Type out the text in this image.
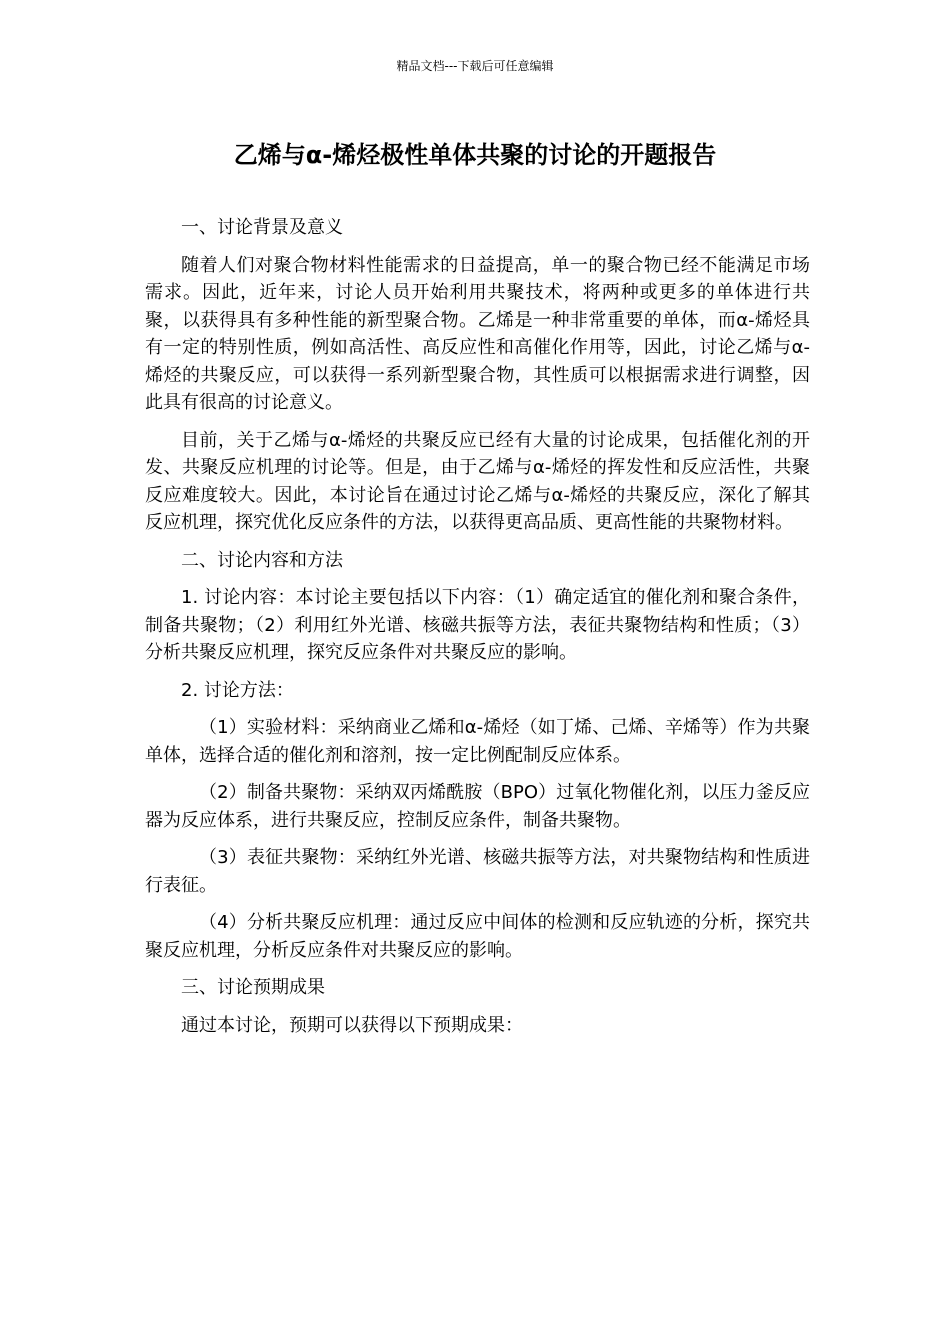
精品文档---下载后可任意编辑
乙烯与α-烯烃极性单体共聚的讨论的开题报告

一、讨论背景及意义

随着人们对聚合物材料性能需求的日益提高，单一的聚合物已经不能满足市场需求。因此，近年来，讨论人员开始利用共聚技术，将两种或更多的单体进行共聚，以获得具有多种性能的新型聚合物。乙烯是一种非常重要的单体，而α-烯烃具有一定的特别性质，例如高活性、高反应性和高催化作用等，因此，讨论乙烯与α-烯烃的共聚反应，可以获得一系列新型聚合物，其性质可以根据需求进行调整，因此具有很高的讨论意义。

目前，关于乙烯与α-烯烃的共聚反应已经有大量的讨论成果，包括催化剂的开发、共聚反应机理的讨论等。但是，由于乙烯与α-烯烃的挥发性和反应活性，共聚反应难度较大。因此，本讨论旨在通过讨论乙烯与α-烯烃的共聚反应，深化了解其反应机理，探究优化反应条件的方法，以获得更高品质、更高性能的共聚物材料。

二、讨论内容和方法

1. 讨论内容：本讨论主要包括以下内容：（1）确定适宜的催化剂和聚合条件，制备共聚物；（2）利用红外光谱、核磁共振等方法，表征共聚物结构和性质；（3）分析共聚反应机理，探究反应条件对共聚反应的影响。

2. 讨论方法：

（1）实验材料：采纳商业乙烯和α-烯烃（如丁烯、己烯、辛烯等）作为共聚单体，选择合适的催化剂和溶剂，按一定比例配制反应体系。

（2）制备共聚物：采纳双丙烯酰胺（BPO）过氧化物催化剂，以压力釜反应器为反应体系，进行共聚反应，控制反应条件，制备共聚物。

（3）表征共聚物：采纳红外光谱、核磁共振等方法，对共聚物结构和性质进行表征。

（4）分析共聚反应机理：通过反应中间体的检测和反应轨迹的分析，探究共聚反应机理，分析反应条件对共聚反应的影响。

三、讨论预期成果

通过本讨论，预期可以获得以下预期成果：
